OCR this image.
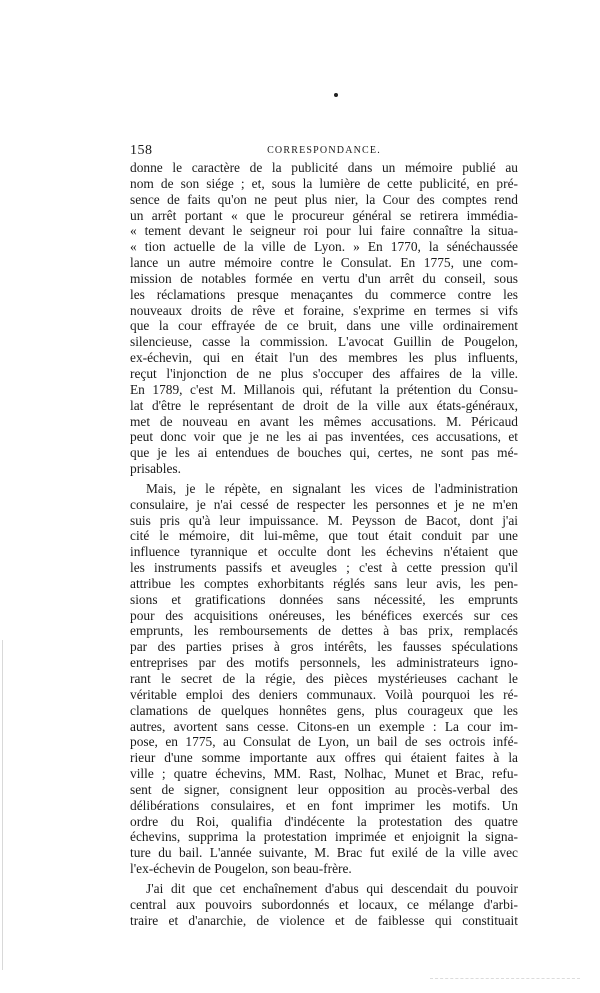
158	CORRESPONDANCE.
donne le caractère de la publicité dans un mémoire publié au
nom de son siége ; et, sous la lumière de cette publicité, en pré-
sence de faits qu'on ne peut plus nier, la Cour des comptes rend
un arrêt portant « que le procureur général se retirera immédia-
« tement devant le seigneur roi pour lui faire connaître la situa-
« tion actuelle de la ville de Lyon. » En 1770, la sénéchaussée
lance un autre mémoire contre le Consulat. En 1775, une com-
mission de notables formée en vertu d'un arrêt du conseil, sous
les réclamations presque menaçantes du commerce contre les
nouveaux droits de rêve et foraine, s'exprime en termes si vifs
que la cour effrayée de ce bruit, dans une ville ordinairement
silencieuse, casse la commission. L'avocat Guillin de Pougelon,
ex-échevin, qui en était l'un des membres les plus influents,
reçut l'injonction de ne plus s'occuper des affaires de la ville.
En 1789, c'est M. Millanois qui, réfutant la prétention du Consu-
lat d'être le représentant de droit de la ville aux états-généraux,
met de nouveau en avant les mêmes accusations. M. Péricaud
peut donc voir que je ne les ai pas inventées, ces accusations, et
que je les ai entendues de bouches qui, certes, ne sont pas mé-
prisables.
Mais, je le répète, en signalant les vices de l'administration
consulaire, je n'ai cessé de respecter les personnes et je ne m'en
suis pris qu'à leur impuissance. M. Peysson de Bacot, dont j'ai
cité le mémoire, dit lui-même, que tout était conduit par une
influence tyrannique et occulte dont les échevins n'étaient que
les instruments passifs et aveugles ; c'est à cette pression qu'il
attribue les comptes exhorbitants réglés sans leur avis, les pen-
sions et gratifications données sans nécessité, les emprunts
pour des acquisitions onéreuses, les bénéfices exercés sur ces
emprunts, les remboursements de dettes à bas prix, remplacés
par des parties prises à gros intérêts, les fausses spéculations
entreprises par des motifs personnels, les administrateurs igno-
rant le secret de la régie, des pièces mystérieuses cachant le
véritable emploi des deniers communaux. Voilà pourquoi les ré-
clamations de quelques honnêtes gens, plus courageux que les
autres, avortent sans cesse. Citons-en un exemple : La cour im-
pose, en 1775, au Consulat de Lyon, un bail de ses octrois infé-
rieur d'une somme importante aux offres qui étaient faites à la
ville ; quatre échevins, MM. Rast, Nolhac, Munet et Brac, refu-
sent de signer, consignent leur opposition au procès-verbal des
délibérations consulaires, et en font imprimer les motifs. Un
ordre du Roi, qualifia d'indécente la protestation des quatre
échevins, supprima la protestation imprimée et enjoignit la signa-
ture du bail. L'année suivante, M. Brac fut exilé de la ville avec
l'ex-échevin de Pougelon, son beau-frère.
J'ai dit que cet enchaînement d'abus qui descendait du pouvoir
central aux pouvoirs subordonnés et locaux, ce mélange d'arbi-
traire et d'anarchie, de violence et de faiblesse qui constituait
